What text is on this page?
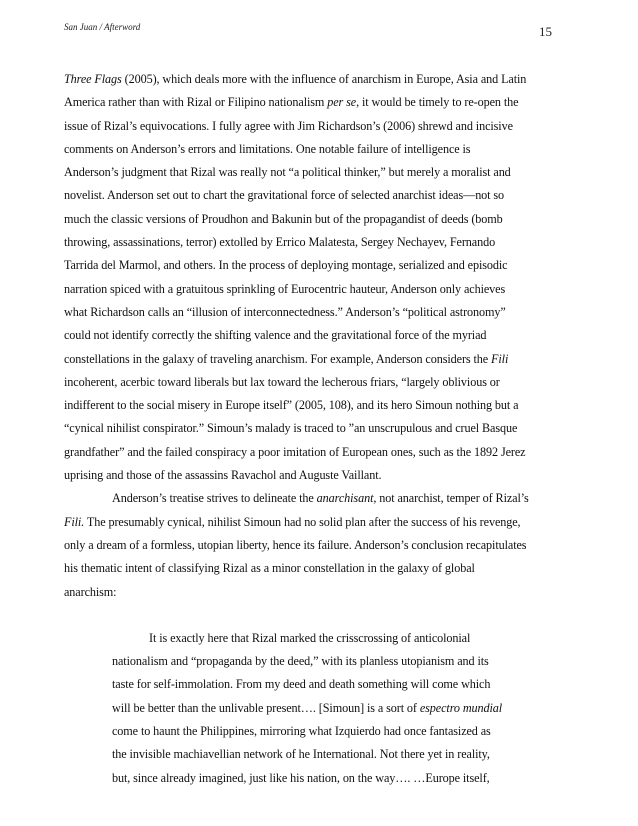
San Juan / Afterword	15

Three Flags (2005), which deals more with the influence of anarchism in Europe, Asia and Latin
America rather than with Rizal or Filipino nationalism per se, it would be timely to re-open the
issue of Rizal’s equivocations. I fully agree with Jim Richardson’s (2006) shrewd and incisive
comments on Anderson’s errors and limitations. One notable failure of intelligence is
Anderson’s judgment that Rizal was really not “a political thinker,” but merely a moralist and
novelist. Anderson set out to chart the gravitational force of selected anarchist ideas—not so
much the classic versions of Proudhon and Bakunin but of the propagandist of deeds (bomb
throwing, assassinations, terror) extolled by Errico Malatesta, Sergey Nechayev, Fernando
Tarrida del Marmol, and others. In the process of deploying montage, serialized and episodic
narration spiced with a gratuitous sprinkling of Eurocentric hauteur, Anderson only achieves
what Richardson calls an “illusion of interconnectedness.” Anderson’s “political astronomy”
could not identify correctly the shifting valence and the gravitational force of the myriad
constellations in the galaxy of traveling anarchism. For example, Anderson considers the Fili
incoherent, acerbic toward liberals but lax toward the lecherous friars, “largely oblivious or
indifferent to the social misery in Europe itself” (2005, 108), and its hero Simoun nothing but a
“cynical nihilist conspirator.” Simoun’s malady is traced to ”an unscrupulous and cruel Basque
grandfather” and the failed conspiracy a poor imitation of European ones, such as the 1892 Jerez
uprising and those of the assassins Ravachol and Auguste Vaillant.

Anderson’s treatise strives to delineate the anarchisant, not anarchist, temper of Rizal’s
Fili. The presumably cynical, nihilist Simoun had no solid plan after the success of his revenge,
only a dream of a formless, utopian liberty, hence its failure. Anderson’s conclusion recapitulates
his thematic intent of classifying Rizal as a minor constellation in the galaxy of global
anarchism:

It is exactly here that Rizal marked the crisscrossing of anticolonial
nationalism and “propaganda by the deed,” with its planless utopianism and its
taste for self-immolation. From my deed and death something will come which
will be better than the unlivable present…. [Simoun] is a sort of espectro mundial
come to haunt the Philippines, mirroring what Izquierdo had once fantasized as
the invisible machiavellian network of he International. Not there yet in reality,
but, since already imagined, just like his nation, on the way…. …Europe itself,
